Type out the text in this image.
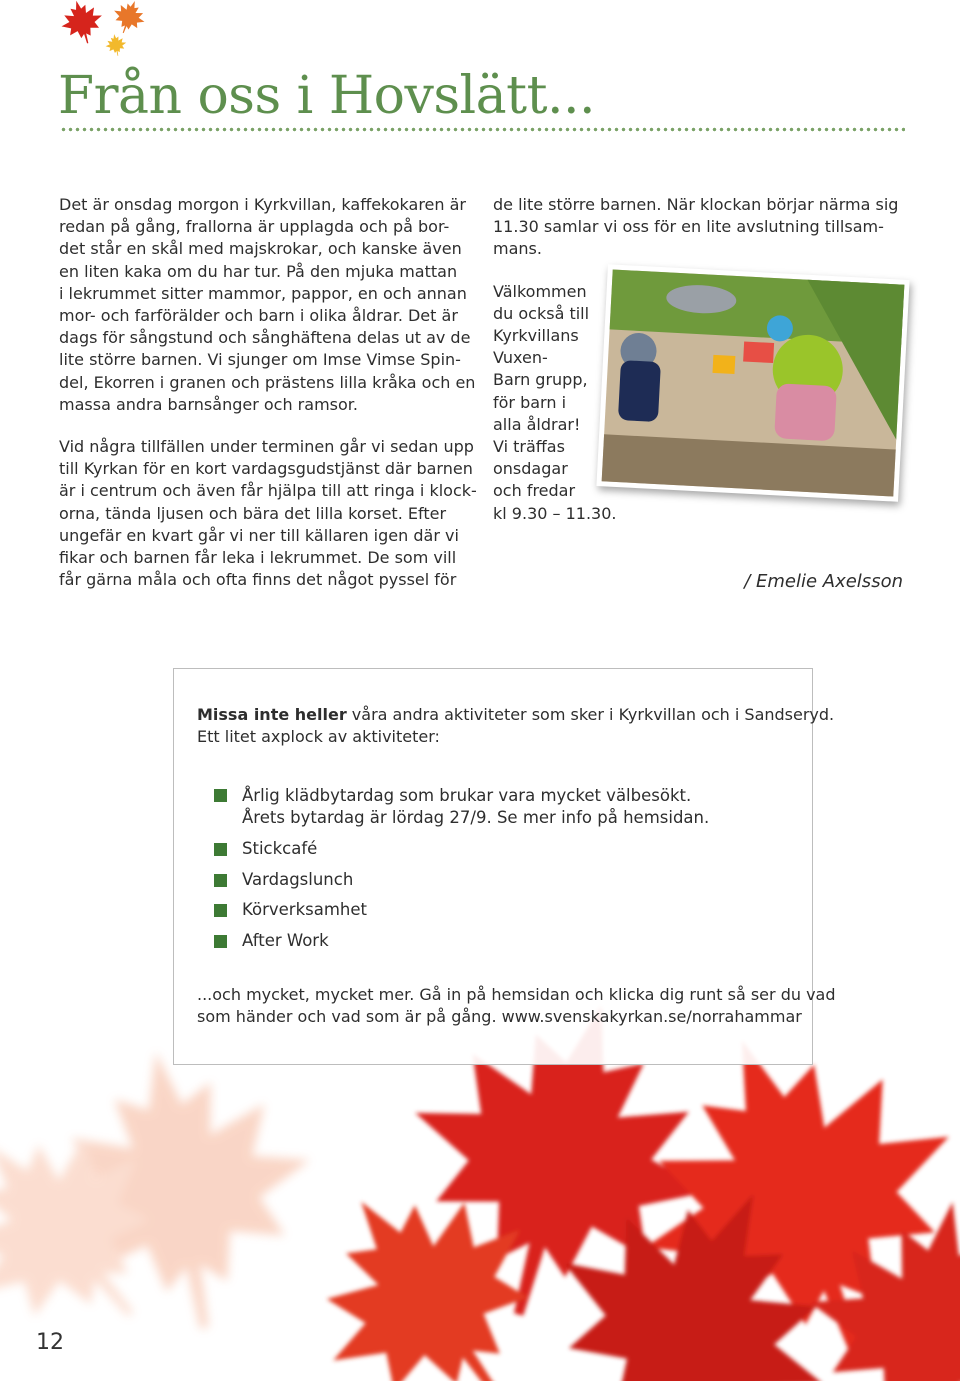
Från oss i Hovslätt...

Det är onsdag morgon i Kyrkvillan, kaffekokaren är
redan på gång, frallorna är upplagda och på bor-
det står en skål med majskrokar, och kanske även
en liten kaka om du har tur. På den mjuka mattan
i lekrummet sitter mammor, pappor, en och annan
mor- och farförälder och barn i olika åldrar. Det är
dags för sångstund och sånghäftena delas ut av de
lite större barnen. Vi sjunger om Imse Vimse Spin-
del, Ekorren i granen och prästens lilla kråka och en
massa andra barnsånger och ramsor.

Vid några tillfällen under terminen går vi sedan upp
till Kyrkan för en kort vardagsgudstjänst där barnen
är i centrum och även får hjälpa till att ringa i klock-
orna, tända ljusen och bära det lilla korset. Efter
ungefär en kvart går vi ner till källaren igen där vi
fikar och barnen får leka i lekrummet. De som vill
får gärna måla och ofta finns det något pyssel för

de lite större barnen. När klockan börjar närma sig
11.30 samlar vi oss för en lite avslutning tillsam-
mans.

Välkommen
du också till
Kyrkvillans
Vuxen-
Barn grupp,
för barn i
alla åldrar!
Vi träffas
onsdagar
och fredar
kl 9.30 – 11.30.

/ Emelie Axelsson
Missa inte heller våra andra aktiviteter som sker i Kyrkvillan och i Sandseryd.
Ett litet axplock av aktiviteter:
Årlig klädbytardag som brukar vara mycket välbesökt.
Årets bytardag är lördag 27/9. Se mer info på hemsidan.
Stickcafé
Vardagslunch
Körverksamhet
After Work
...och mycket, mycket mer. Gå in på hemsidan och klicka dig runt så ser du vad
som händer och vad som är på gång. www.svenskakyrkan.se/norrahammar
12
